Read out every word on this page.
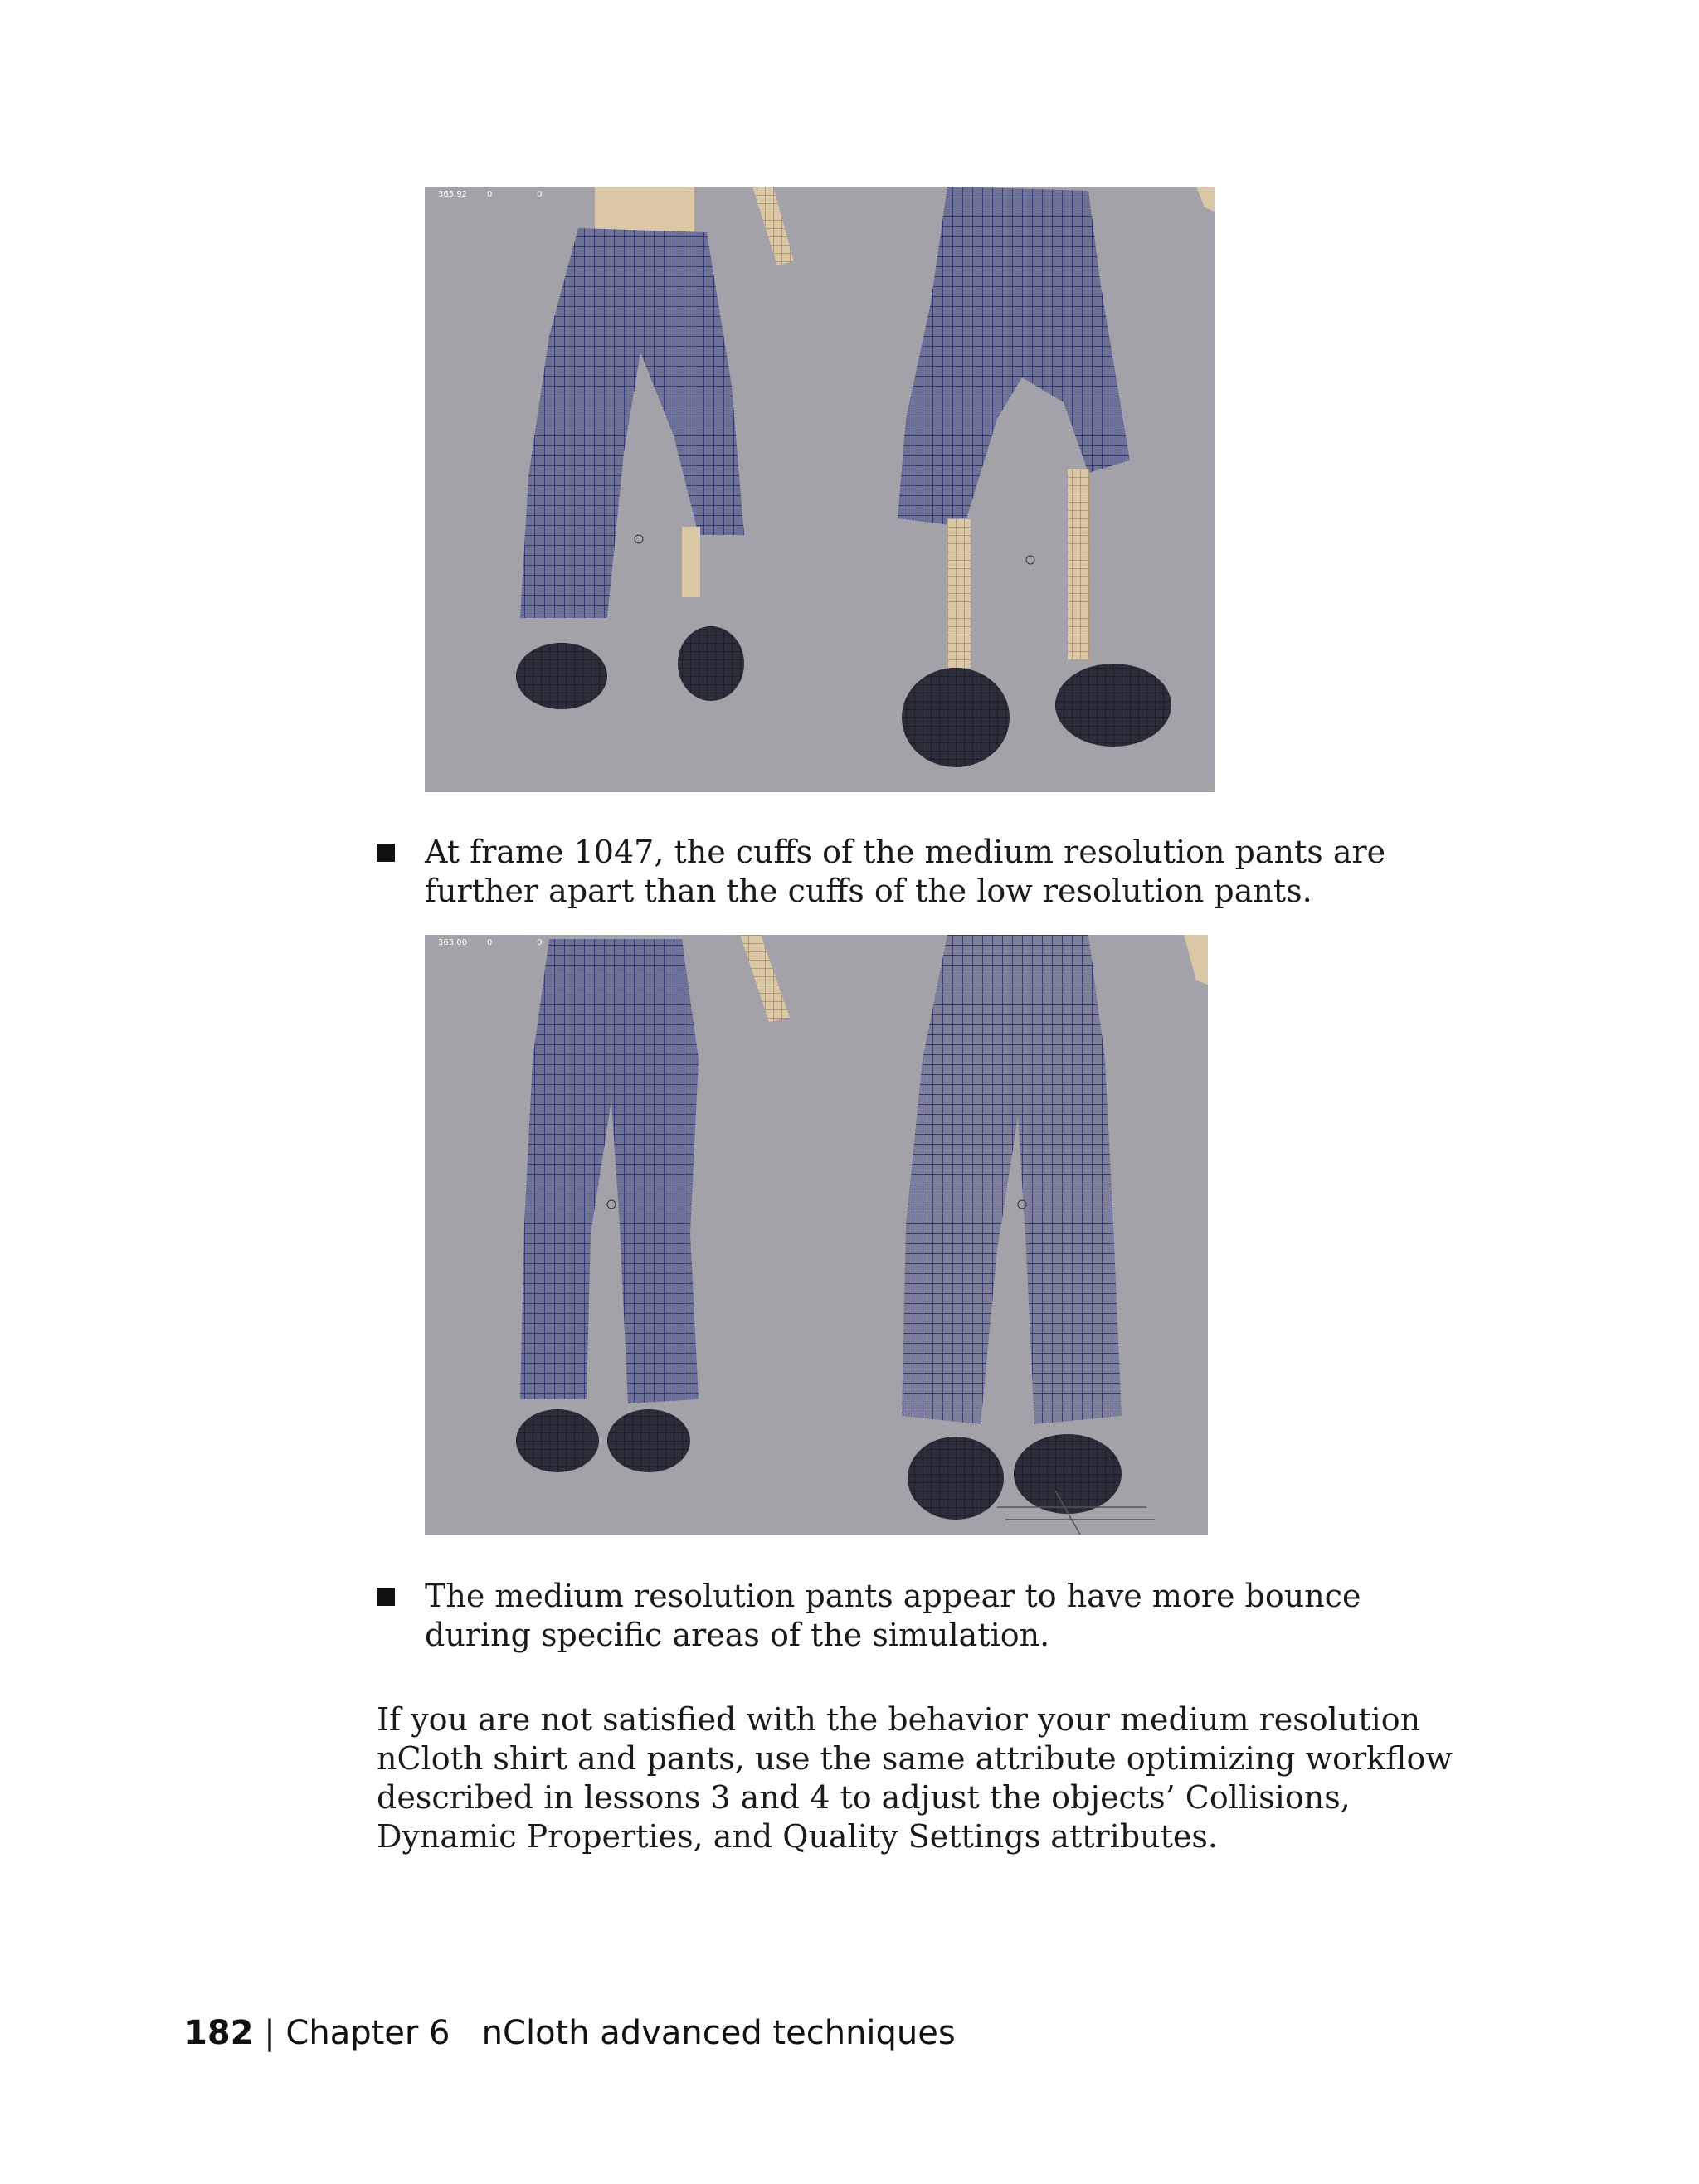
365.92 0	0
At frame 1047, the cuffs of the medium resolution pants are further apart than the cuffs of the low resolution pants.
365.00 0	0
The medium resolution pants appear to have more bounce during specific areas of the simulation.
If you are not satisfied with the behavior your medium resolution nCloth shirt and pants, use the same attribute optimizing workflow described in lessons 3 and 4 to adjust the objects’ Collisions, Dynamic Properties, and Quality Settings attributes.
182 | Chapter 6 nCloth advanced techniques
